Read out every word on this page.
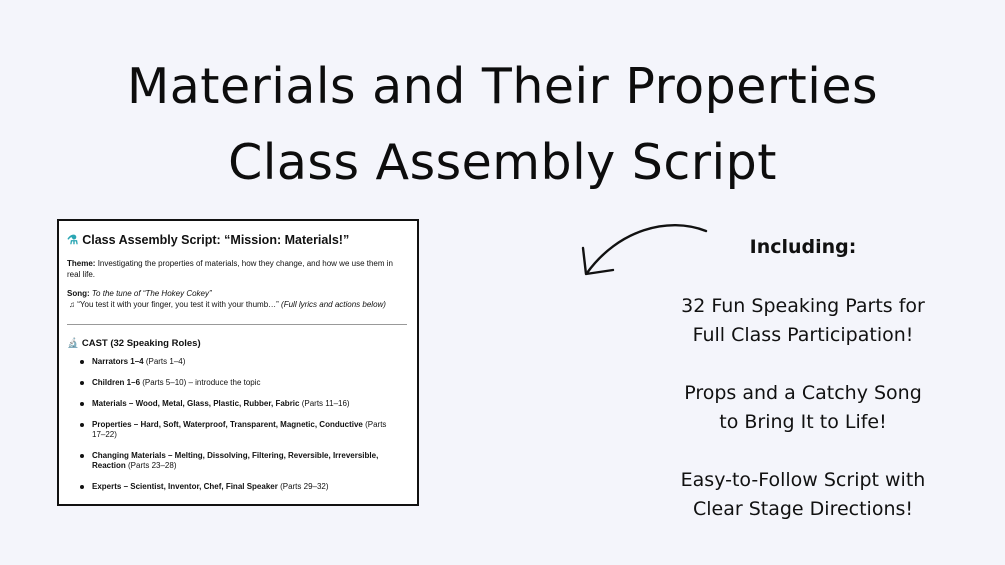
Materials and Their Properties
Class Assembly Script
⚗ Class Assembly Script: “Mission: Materials!”
Theme: Investigating the properties of materials, how they change, and how we use them in real life.
Song: To the tune of “The Hokey Cokey”
♫ “You test it with your finger, you test it with your thumb…” (Full lyrics and actions below)
🔬 CAST (32 Speaking Roles)
Narrators 1–4 (Parts 1–4)
Children 1–6 (Parts 5–10) – introduce the topic
Materials – Wood, Metal, Glass, Plastic, Rubber, Fabric (Parts 11–16)
Properties – Hard, Soft, Waterproof, Transparent, Magnetic, Conductive (Parts 17–22)
Changing Materials – Melting, Dissolving, Filtering, Reversible, Irreversible, Reaction (Parts 23–28)
Experts – Scientist, Inventor, Chef, Final Speaker (Parts 29–32)
Including:
32 Fun Speaking Parts for
Full Class Participation!
Props and a Catchy Song
to Bring It to Life!
Easy-to-Follow Script with
Clear Stage Directions!
